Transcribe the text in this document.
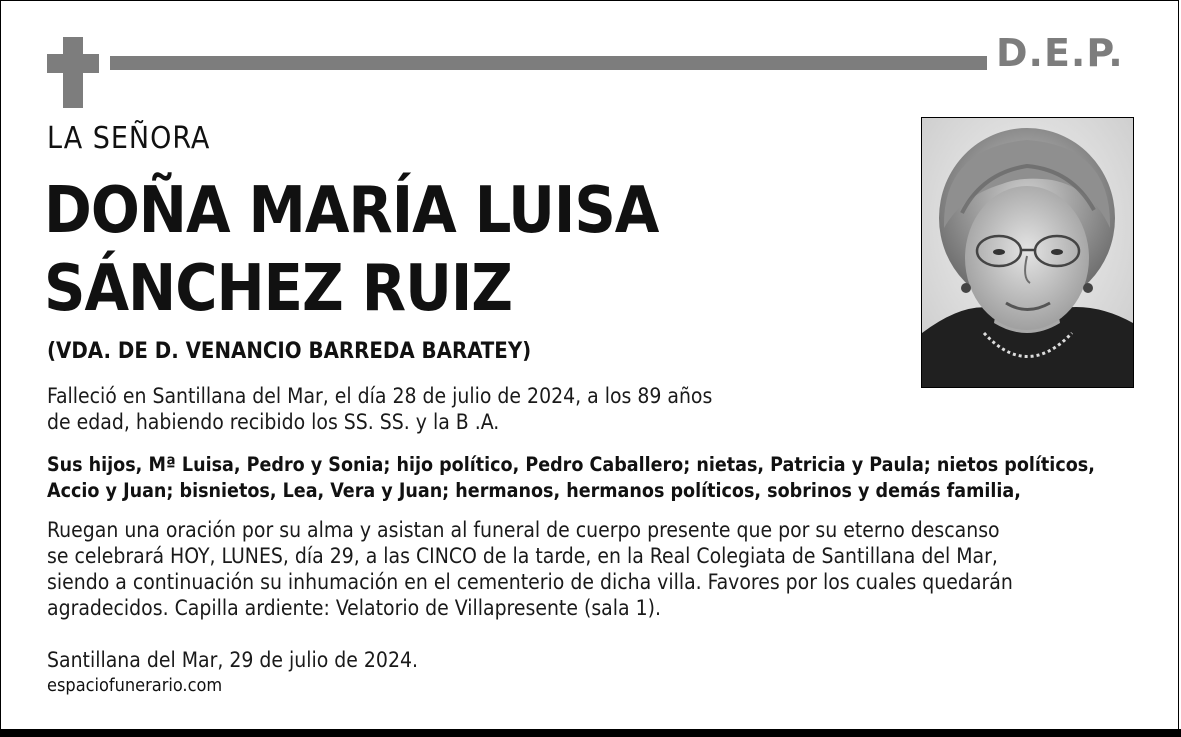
D.E.P.
LA SEÑORA
DOÑA MARÍA LUISA
SÁNCHEZ RUIZ
(VDA. DE D. VENANCIO BARREDA BARATEY)

Falleció en Santillana del Mar, el día 28 de julio de 2024, a los 89 años
de edad, habiendo recibido los SS. SS. y la B .A.

Sus hijos, Mª Luisa, Pedro y Sonia; hijo político, Pedro Caballero; nietas, Patricia y Paula; nietos políticos,
Accio y Juan; bisnietos, Lea, Vera y Juan; hermanos, hermanos políticos, sobrinos y demás familia,

Ruegan una oración por su alma y asistan al funeral de cuerpo presente que por su eterno descanso
se celebrará HOY, LUNES, día 29, a las CINCO de la tarde, en la Real Colegiata de Santillana del Mar,
siendo a continuación su inhumación en el cementerio de dicha villa. Favores por los cuales quedarán
agradecidos. Capilla ardiente: Velatorio de Villapresente (sala 1).

Santillana del Mar, 29 de julio de 2024.

espaciofunerario.com
